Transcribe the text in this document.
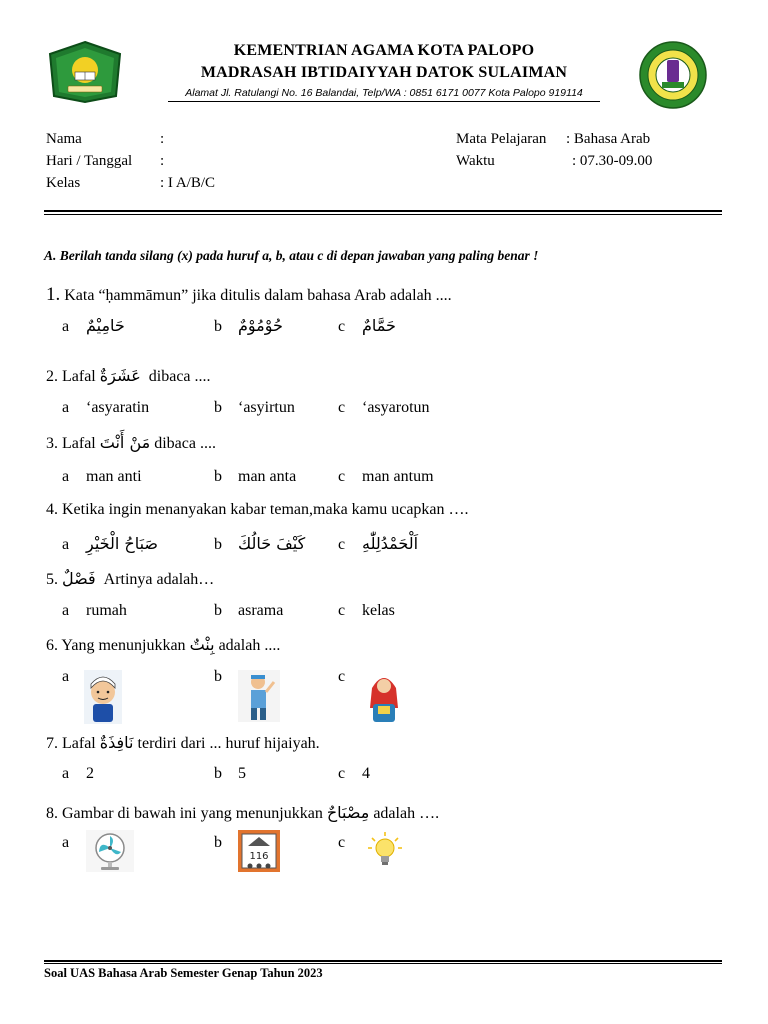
KEMENTRIAN AGAMA KOTA PALOPO
MADRASAH IBTIDAIYYAH DATOK SULAIMAN
Alamat Jl. Ratulangi No. 16 Balandai, Telp/WA : 0851 6171 0077 Kota Palopo 919114
Nama	:
Hari / Tanggal :
Kelas	: I A/B/C
Mata Pelajaran : Bahasa Arab
Waktu	: 07.30-09.00
A. Berilah tanda silang (x) pada huruf a, b, atau c di depan jawaban yang paling benar !
1. Kata “ḥammāmun” jika ditulis dalam bahasa Arab adalah ....
a حَامِيْمٌ	b حُوْمُوْمٌ	c حَمَّامٌ
2. Lafal عَشَرَةٌ dibaca ....
a ‘asyaratin	b ‘asyirtun	c ‘asyarotun
3. Lafal مَنْ أَنْتَ dibaca ....
a man anti	b man anta	c man antum
4. Ketika ingin menanyakan kabar teman,maka kamu ucapkan ….
a صَبَاحُ الْخَيْرِ	b كَيْفَ حَالُكَ c اَلْحَمْدُلِلّٰهِ
5. فَصْلٌ Artinya adalah…
a rumah	b asrama	c kelas
6. Yang menunjukkan بِنْتٌ adalah ....
a	b	c
7. Lafal نَافِذَةٌ terdiri dari ... huruf hijaiyah.
a 2	b 5	c 4
8. Gambar di bawah ini yang menunjukkan مِصْبَاحٌ adalah ….
a	b	c
116
Soal UAS Bahasa Arab Semester Genap Tahun 2023
